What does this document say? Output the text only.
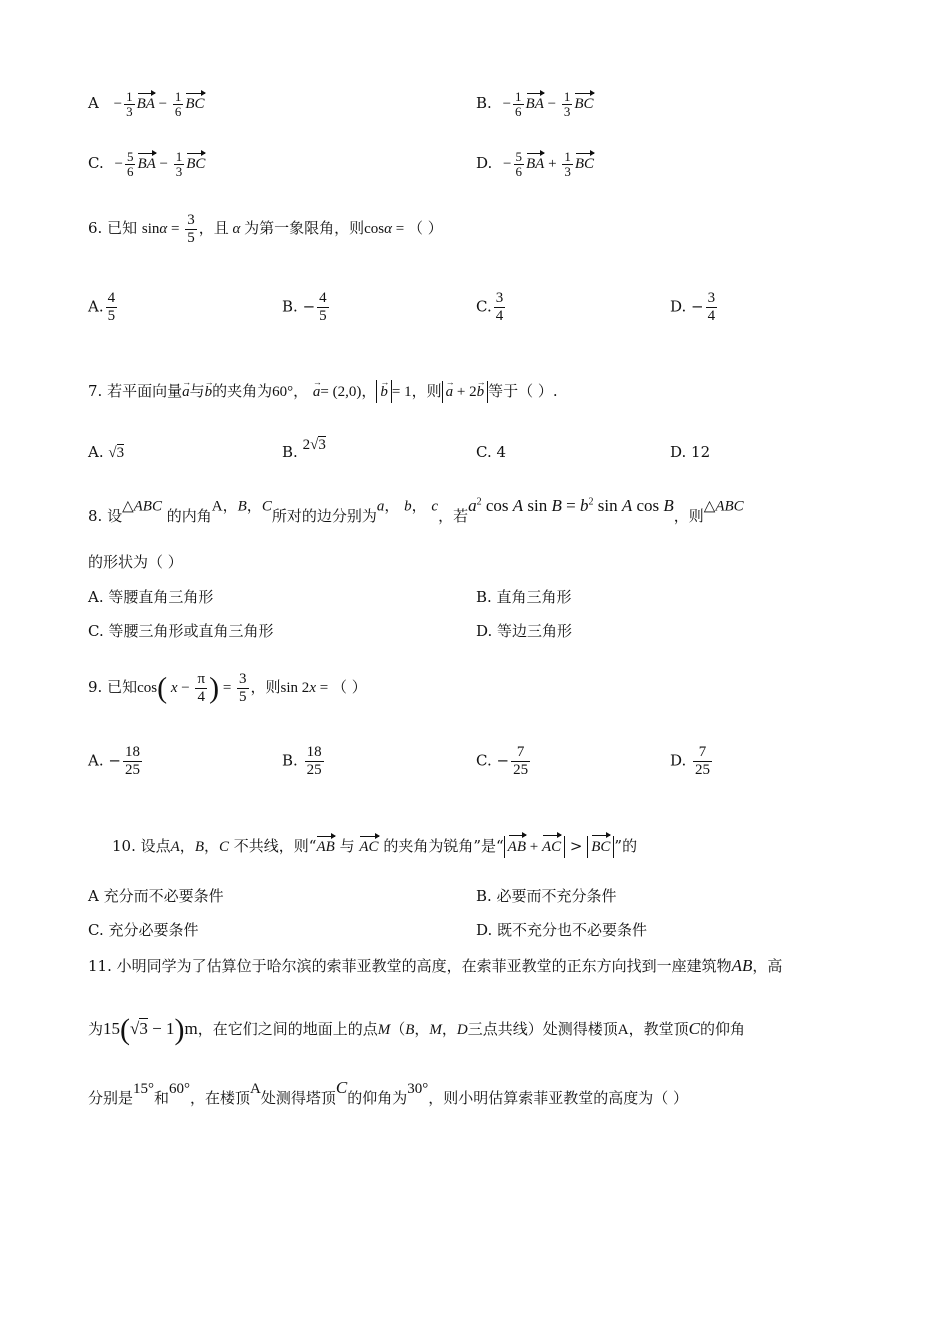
$A - \frac{1}{3}$ BA − $\frac{1}{6}$ BC	B. − $\frac{1}{6}$ BA − $\frac{1}{3}$ BC
C. − $\frac{5}{6}$ BA − $\frac{1}{3}$ BC	D. − $\frac{5}{6}$ BA + $\frac{1}{3}$ BC
6. 已知 $\sin\alpha = \frac{3}{5}$ ，且 α 为第一象限角，则cosα = （ ）
A. $\frac{4}{5}$	B. − $\frac{4}{5}$	C. $\frac{3}{4}$	D. − $\frac{3}{4}$
7. 若平面向量a →与b →的夹角为60°， a →= (2,0)， b → = 1，则 a → + 2b → 等于（ ）.
A. √3	B. 2√3	C. 4	D. 12
8. 设△ABC 的内角A，B，C所对的边分别为a， b， c，若$a^2$ cos A $\sin B = b^2$ sin A cos B，则△ABC
的形状为（ ）
A. 等腰直角三角形	B. 直角三角形
C. 等腰三角形或直角三角形	D. 等边三角形
9. 已知cos( $x - \frac{\pi}{4}$ ) = $\frac{3}{5}$ ，则sin 2x = （ ）
A. − $\frac{18}{25}$	B. $\frac{18}{25}$	C. − $\frac{7}{25}$	D. $\frac{7}{25}$
10. 设点A，B，C 不共线，则“AB 与 AC 的夹角为锐角”是“ AB + AC > BC ”的
A 充分而不必要条件	B. 必要而不充分条件
C. 充分必要条件	D. 既不充分也不必要条件
11. 小明同学为了估算位于哈尔滨的索菲亚教堂的高度，在索菲亚教堂的正东方向找到一座建筑物AB，高
为15(√3 − 1)m，在它们之间的地面上的点M（B，M，D三点共线）处测得楼顶A，教堂顶C的仰角
分别是15°和60°，在楼顶A处测得塔顶C的仰角为30°，则小明估算索菲亚教堂的高度为（ ）
